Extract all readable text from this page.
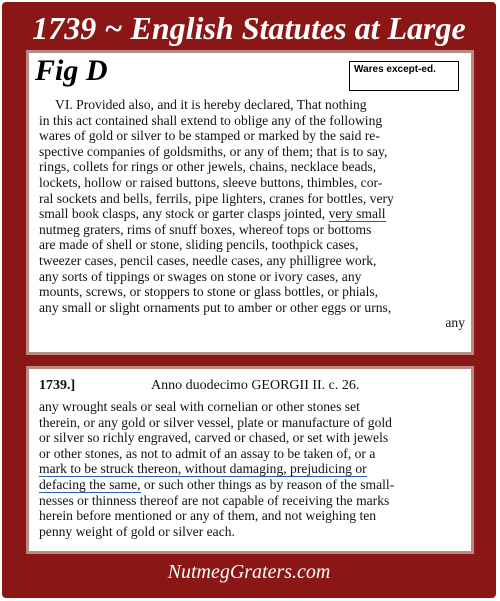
1739 ~ English Statutes at Large
Fig D	Wares except-ed.
VI. Provided also, and it is hereby declared, That nothing
in this act contained shall extend to oblige any of the following
wares of gold or silver to be stamped or marked by the said re-
spective companies of goldsmiths, or any of them; that is to say,
rings, collets for rings or other jewels, chains, necklace beads,
lockets, hollow or raised buttons, sleeve buttons, thimbles, cor-
ral sockets and bells, ferrils, pipe lighters, cranes for bottles, very
small book clasps, any stock or garter clasps jointed, very small
nutmeg graters, rims of snuff boxes, whereof tops or bottoms
are made of shell or stone, sliding pencils, toothpick cases,
tweezer cases, pencil cases, needle cases, any philligree work,
any sorts of tippings or swages on stone or ivory cases, any
mounts, screws, or stoppers to stone or glass bottles, or phials,
any small or slight ornaments put to amber or other eggs or urns,
any
1739.]	Anno duodecimo GEORGII II. c. 26.
any wrought seals or seal with cornelian or other stones set
therein, or any gold or silver vessel, plate or manufacture of gold
or silver so richly engraved, carved or chased, or set with jewels
or other stones, as not to admit of an assay to be taken of, or a
mark to be struck thereon, without damaging, prejudicing or
defacing the same, or such other things as by reason of the small-
nesses or thinness thereof are not capable of receiving the marks
herein before mentioned or any of them, and not weighing ten
penny weight of gold or silver each.
NutmegGraters.com
